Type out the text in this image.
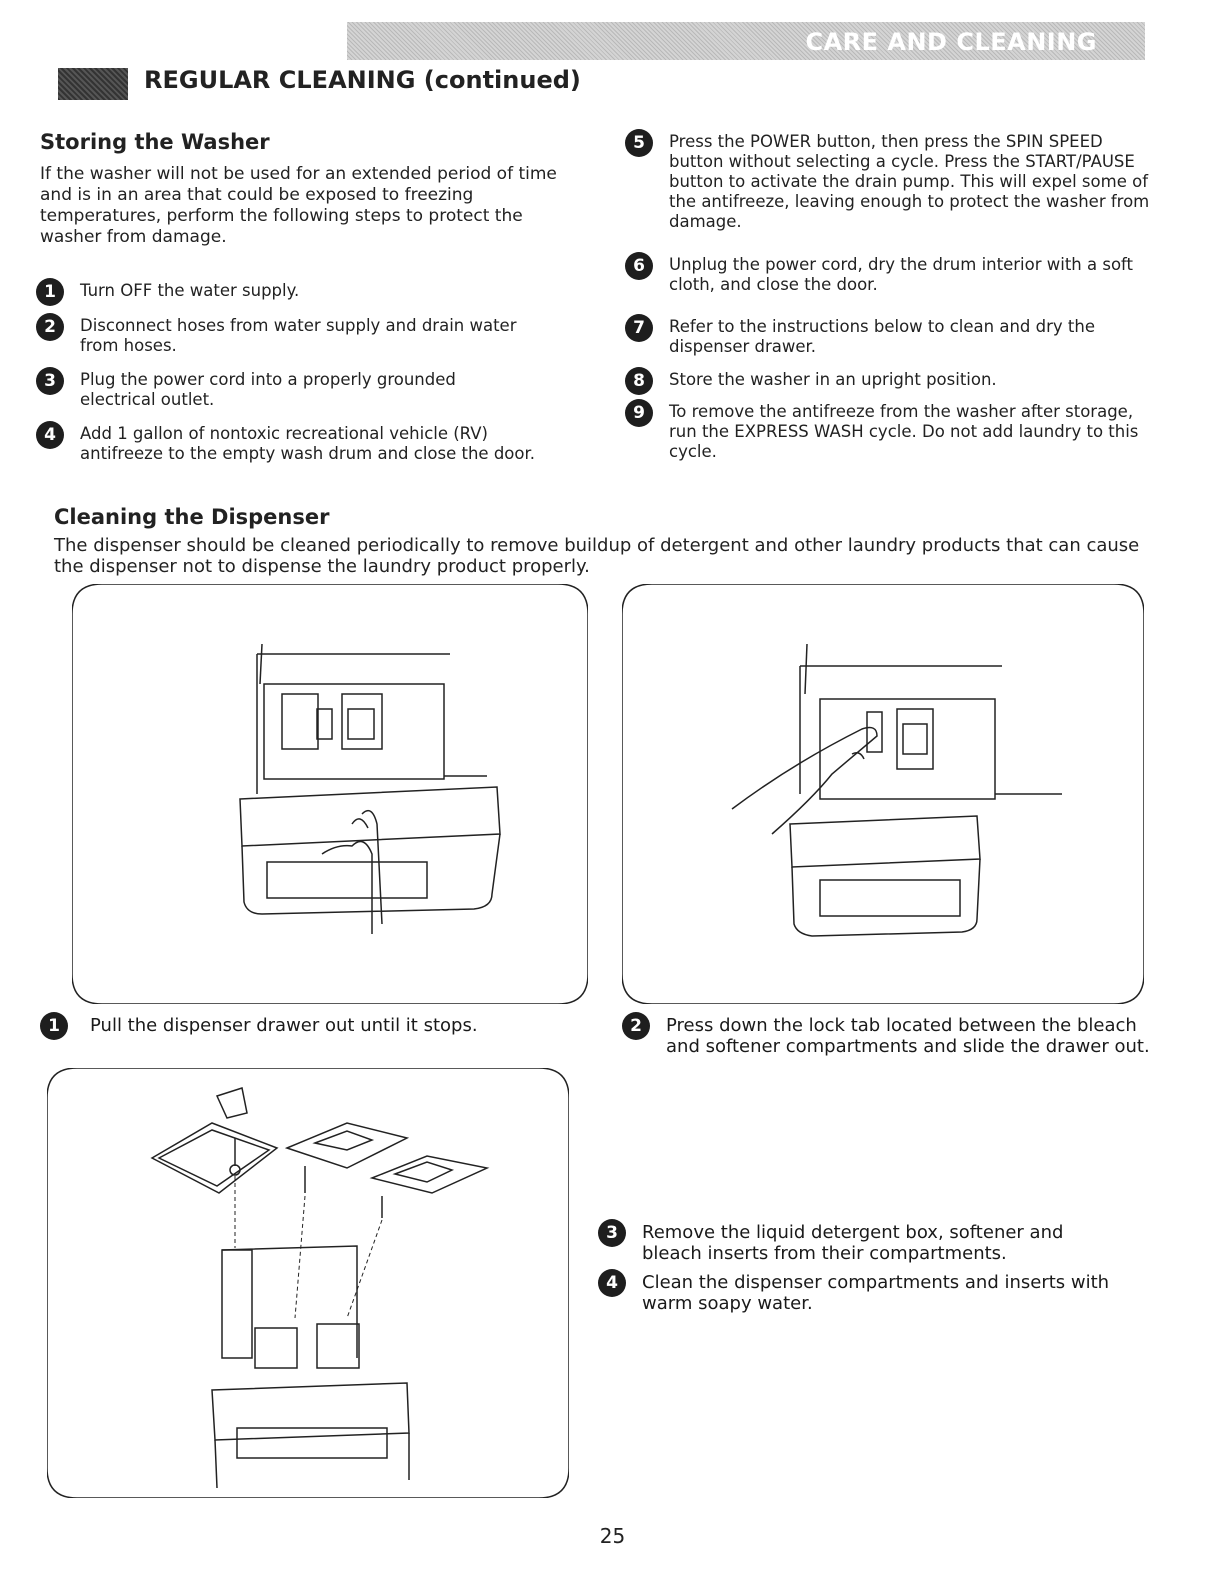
CARE AND CLEANING
REGULAR CLEANING (continued)
Storing the Washer
If the washer will not be used for an extended period of time and is in an area that could be exposed to freezing temperatures, perform the following steps to protect the washer from damage.
1	Turn OFF the water supply.
2	Disconnect hoses from water supply and drain water from hoses.
3	Plug the power cord into a properly grounded electrical outlet.
4	Add 1 gallon of nontoxic recreational vehicle (RV) antifreeze to the empty wash drum and close the door.
5	Press the POWER button, then press the SPIN SPEED button without selecting a cycle. Press the START/PAUSE button to activate the drain pump. This will expel some of the antifreeze, leaving enough to protect the washer from damage.
6	Unplug the power cord, dry the drum interior with a soft cloth, and close the door.
7	Refer to the instructions below to clean and dry the dispenser drawer.
8	Store the washer in an upright position.
9	To remove the antifreeze from the washer after storage, run the EXPRESS WASH cycle. Do not add laundry to this cycle.
Cleaning the Dispenser
The dispenser should be cleaned periodically to remove buildup of detergent and other laundry products that can cause the dispenser not to dispense the laundry product properly.
1	Pull the dispenser drawer out until it stops.	2	Press down the lock tab located between the bleach and softener compartments and slide the drawer out.
3	Remove the liquid detergent box, softener and bleach inserts from their compartments.
4	Clean the dispenser compartments and inserts with warm soapy water.
25
